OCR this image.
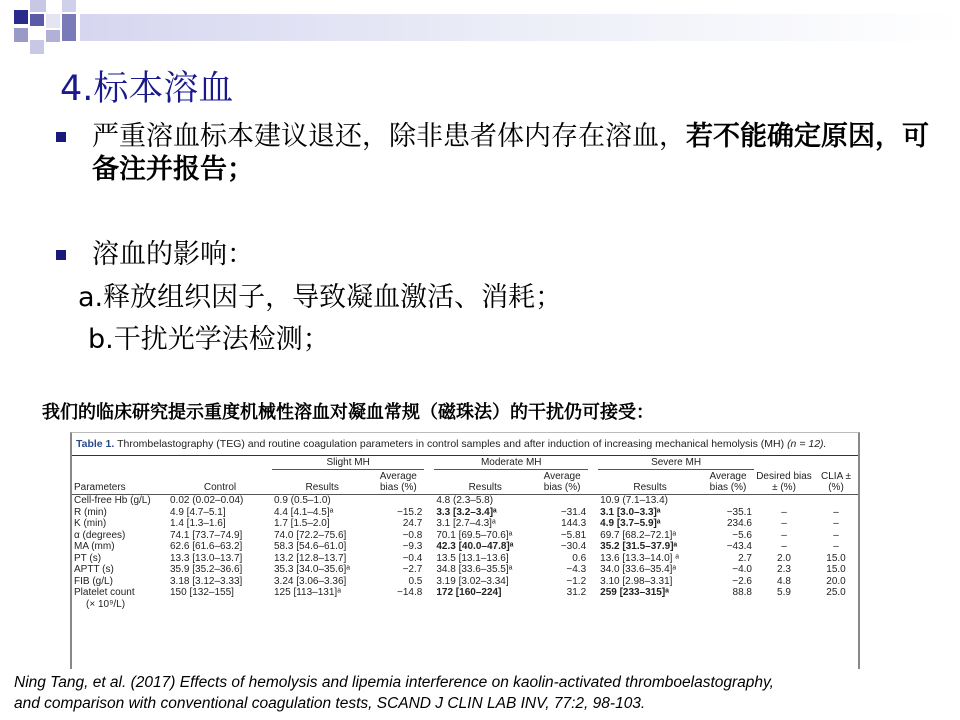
4.标本溶血
严重溶血标本建议退还，除非患者体内存在溶血，若不能确定原因，可备注并报告；
溶血的影响：
a.释放组织因子，导致凝血激活、消耗；
b.干扰光学法检测；
我们的临床研究提示重度机械性溶血对凝血常规（磁珠法）的干扰仍可接受：
Table 1. Thrombelastography (TEG) and routine coagulation parameters in control samples and after induction of increasing mechanical hemolysis (MH) (n = 12).
		Slight MH			Moderate MH			Severe MH			
Parameters	Control	Results	Average bias (%)		Results	Average bias (%)		Results	Average bias (%)	Desired bias ± (%)	CLIA ± (%)
Cell-free Hb (g/L)	0.02 (0.02–0.04)	0.9 (0.5–1.0)			4.8 (2.3–5.8)			10.9 (7.1–13.4)			
R (min)	4.9 [4.7–5.1]	4.4 [4.1–4.5]ᵃ	−15.2		3.3 [3.2–3.4]ᵃ	−31.4		3.1 [3.0–3.3]ᵃ	−35.1	–	–
K (min)	1.4 [1.3–1.6]	1.7 [1.5–2.0]	24.7		3.1 [2.7–4.3]ᵃ	144.3		4.9 [3.7–5.9]ᵃ	234.6	–	–
α (degrees)	74.1 [73.7–74.9]	74.0 [72.2–75.6]	−0.8		70.1 [69.5–70.6]ᵃ	−5.81		69.7 [68.2–72.1]ᵃ	−5.6	–	–
MA (mm)	62.6 [61.6–63.2]	58.3 [54.6–61.0]	−9.3		42.3 [40.0–47.8]ᵃ	−30.4		35.2 [31.5–37.9]ᵃ	−43.4	–	–
PT (s)	13.3 [13.0–13.7]	13.2 [12.8–13.7]	−0.4		13.5 [13.1–13.6]	0.6		13.6 [13.3–14.0] ᵃ	2.7	2.0	15.0
APTT (s)	35.9 [35.2–36.6]	35.3 [34.0–35.6]ᵃ	−2.7		34.8 [33.6–35.5]ᵃ	−4.3		34.0 [33.6–35.4]ᵃ	−4.0	2.3	15.0
FIB (g/L)	3.18 [3.12–3.33]	3.24 [3.06–3.36]	0.5		3.19 [3.02–3.34]	−1.2		3.10 [2.98–3.31]	−2.6	4.8	20.0
Platelet count	150 [132–155]	125 [113–131]ᵃ	−14.8		172 [160–224]	31.2		259 [233–315]ᵃ	88.8	5.9	25.0
(× 10⁹/L)											
Ning Tang, et al. (2017) Effects of hemolysis and lipemia interference on kaolin-activated thromboelastography,
and comparison with conventional coagulation tests, SCAND J CLIN LAB INV, 77:2, 98-103.
